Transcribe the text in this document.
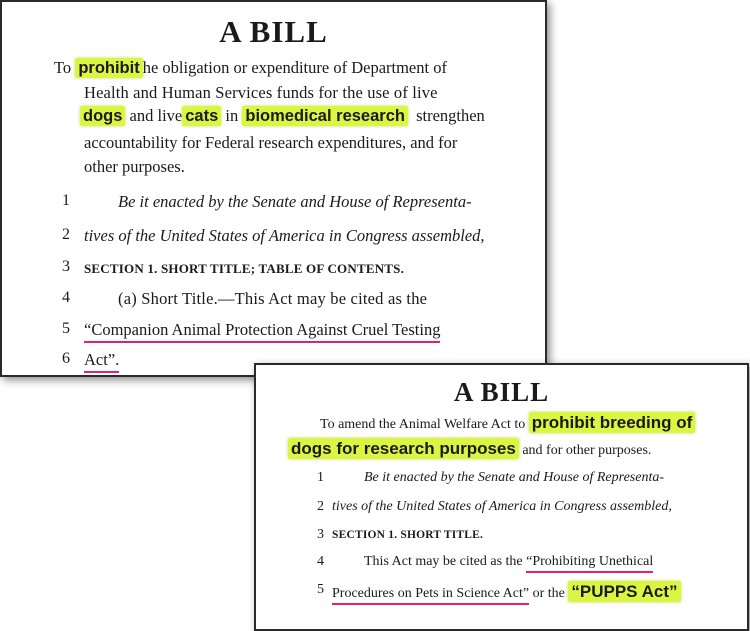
A BILL
To prohibit he obligation or expenditure of Department of
Health and Human Services funds for the use of live
dogs and live cats in biomedical research strengthen
accountability for Federal research expenditures, and for
other purposes.
1	Be it enacted by the Senate and House of Representa-
2 tives of the United States of America in Congress assembled,
3 SECTION 1. SHORT TITLE; TABLE OF CONTENTS.
4	(a) Short Title.—This Act may be cited as the
5 “Companion Animal Protection Against Cruel Testing
6 Act”.
A BILL
To amend the Animal Welfare Act to prohibit breeding of
dogs for research purposes and for other purposes.
1	Be it enacted by the Senate and House of Representa-
2 tives of the United States of America in Congress assembled,
3 SECTION 1. SHORT TITLE.
4	This Act may be cited as the “Prohibiting Unethical
5 Procedures on Pets in Science Act” or the “PUPPS Act”
